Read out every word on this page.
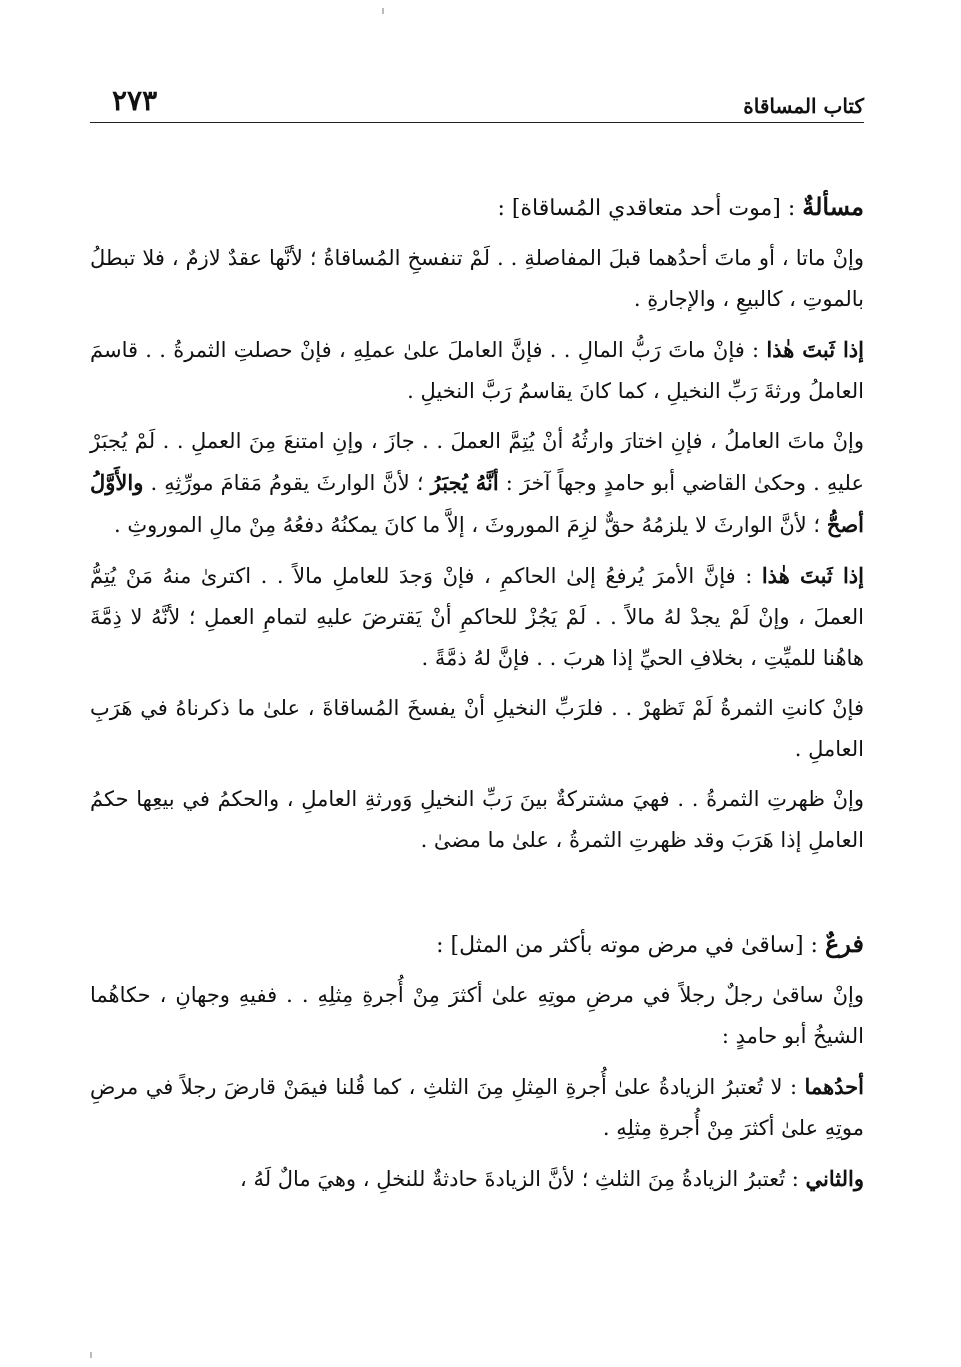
كتاب المساقاة
٢٧٣

مسألةٌ : [موت أحد متعاقدي المُساقاة] :

وإنْ ماتا ، أو ماتَ أحدُهما قبلَ المفاصلةِ . . لَمْ تنفسخِ المُساقاةُ ؛ لأنَّها عقدٌ لازمٌ ، فلا تبطلُ بالموتِ ، كالبيعِ ، والإجارةِ .

إذا ثَبتَ هٰذا : فإنْ ماتَ رَبُّ المالِ . . فإنَّ العاملَ علىٰ عملِهِ ، فإنْ حصلتِ الثمرةُ . . قاسمَ العاملُ ورثةَ رَبِّ النخيلِ ، كما كانَ يقاسمُ رَبَّ النخيلِ .

وإنْ ماتَ العاملُ ، فإنِ اختارَ وارثُهُ أنْ يُتِمَّ العملَ . . جازَ ، وإنِ امتنعَ مِنَ العملِ . . لَمْ يُجبَرْ عليهِ . وحكىٰ القاضي أبو حامدٍ وجهاً آخرَ : أنَّهُ يُجبَرُ ؛ لأنَّ الوارثَ يقومُ مَقامَ مورِّثِهِ . والأَوَّلُ أصحُّ ؛ لأنَّ الوارثَ لا يلزمُهُ حقٌّ لزِمَ الموروثَ ، إلاَّ ما كانَ يمكنُهُ دفعُهُ مِنْ مالِ الموروثِ .

إذا ثَبتَ هٰذا : فإنَّ الأمرَ يُرفعُ إلىٰ الحاكمِ ، فإنْ وَجدَ للعاملِ مالاً . . اكترىٰ منهُ مَنْ يُتِمُّ العملَ ، وإنْ لَمْ يجدْ لهُ مالاً . . لَمْ يَجُزْ للحاكمِ أنْ يَقترضَ عليهِ لتمامِ العملِ ؛ لأنَّهُ لا ذِمَّةَ هاهُنا للميِّتِ ، بخلافِ الحيِّ إذا هربَ . . فإنَّ لهُ ذمَّةً .

فإنْ كانتِ الثمرةُ لَمْ تَظهرْ . . فلرَبِّ النخيلِ أنْ يفسخَ المُساقاةَ ، علىٰ ما ذكرناهُ في هَرَبِ العاملِ .

وإنْ ظهرتِ الثمرةُ . . فهيَ مشتركةٌ بينَ رَبِّ النخيلِ وَورثةِ العاملِ ، والحكمُ في بيعِها حكمُ العاملِ إذا هَرَبَ وقد ظهرتِ الثمرةُ ، علىٰ ما مضىٰ .

فرعٌ : [ساقىٰ في مرض موته بأكثر من المثل] :

وإنْ ساقىٰ رجلٌ رجلاً في مرضِ موتِهِ علىٰ أكثرَ مِنْ أُجرةِ مِثلِهِ . . ففيهِ وجهانِ ، حكاهُما الشيخُ أبو حامدٍ :

أحدُهما : لا تُعتبرُ الزيادةُ علىٰ أُجرةِ المِثلِ مِنَ الثلثِ ، كما قُلنا فيمَنْ قارضَ رجلاً في مرضِ موتِهِ علىٰ أكثرَ مِنْ أُجرةِ مِثلِهِ .

والثاني : تُعتبرُ الزيادةُ مِنَ الثلثِ ؛ لأنَّ الزيادةَ حادثةٌ للنخلِ ، وهيَ مالٌ لَهُ ،
